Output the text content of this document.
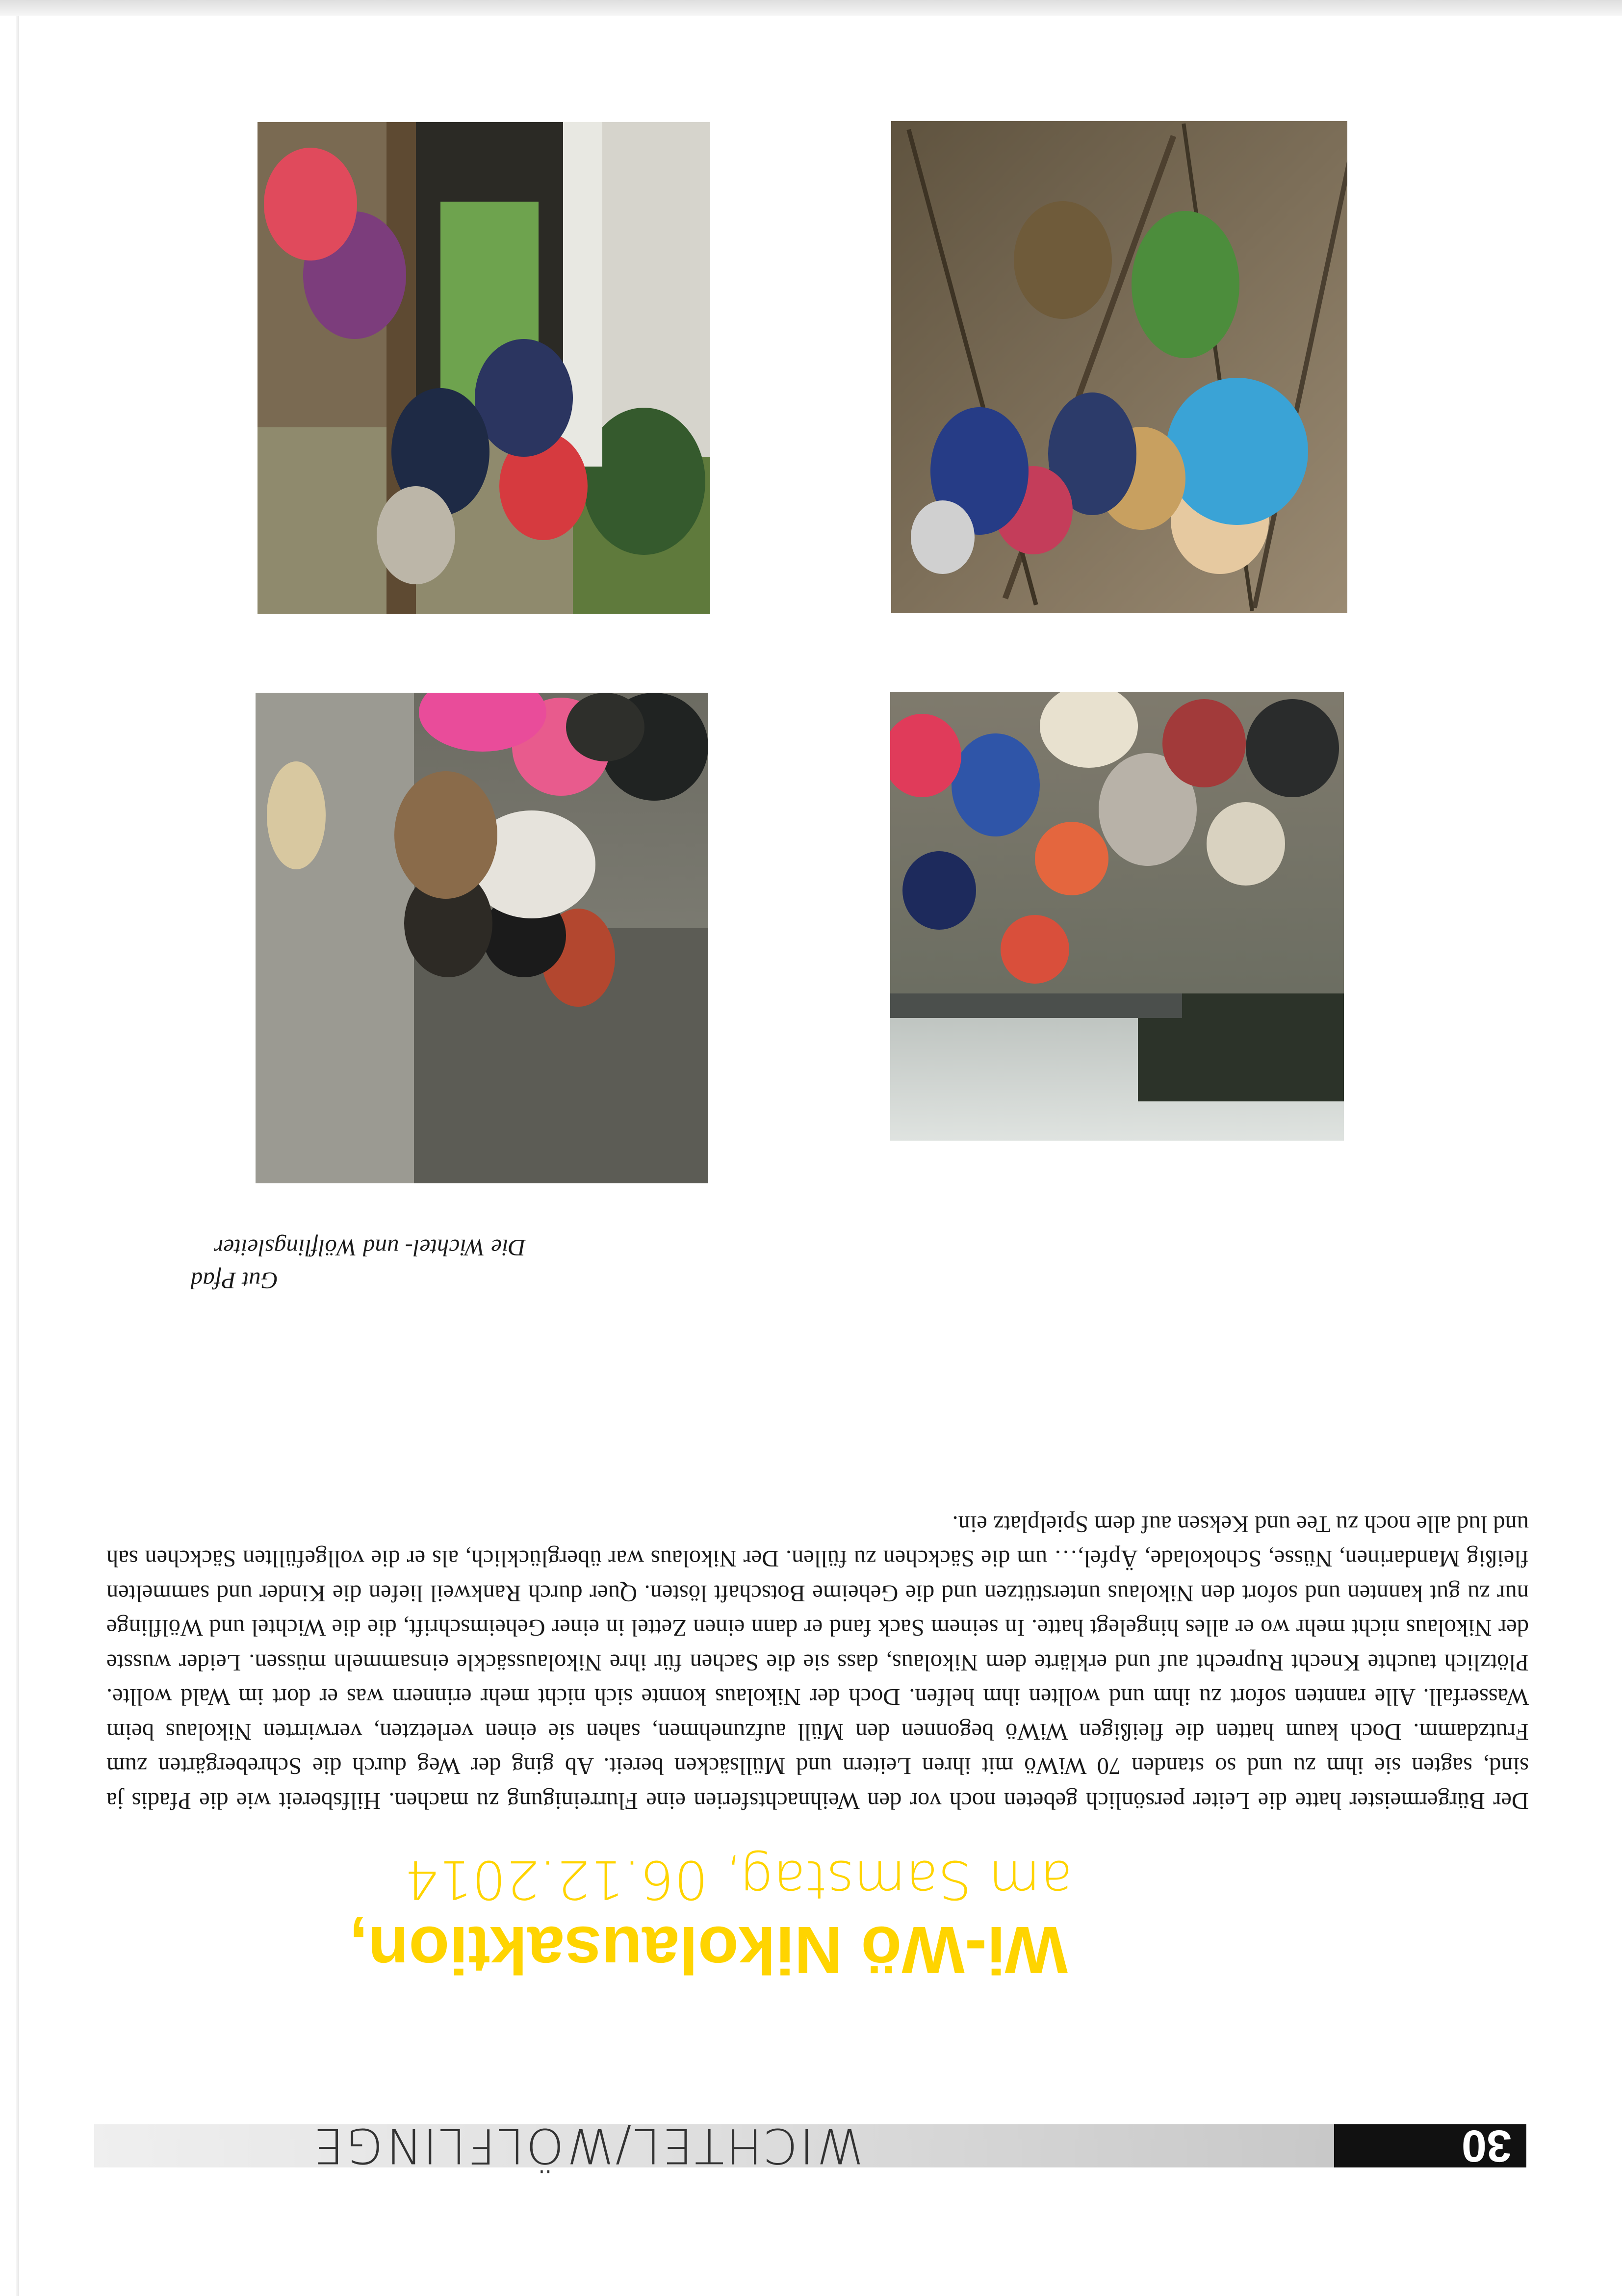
30
WICHTEL/WÖLFLINGE
Wi-Wö Nikolausaktion,
am Samstag, 06.12.2014

Der Bürgermeister hatte die Leiter persönlich gebeten noch vor den Weihnachtsferien eine Flurreinigung zu machen. Hilfsbereit wie die Pfadis ja sind, sagten sie ihm zu und so standen 70 WiWö mit ihren Leitern und Müllsäcken bereit. Ab ging der Weg durch die Schrebergärten zum Frutzdamm. Doch kaum hatten die fleißigen WiWö begonnen den Müll aufzunehmen, sahen sie einen verletzten, verwirrten Nikolaus beim Wasserfall. Alle rannten sofort zu ihm und wollten ihm helfen. Doch der Nikolaus konnte sich nicht mehr erinnern was er dort im Wald wollte. Plötzlich tauchte Knecht Ruprecht auf und erklärte dem Nikolaus, dass sie die Sachen für ihre Nikolaussäckle einsammeln müssen. Leider wusste der Nikolaus nicht mehr wo er alles hingelegt hatte. In seinem Sack fand er dann einen Zettel in einer Geheimschrift, die die Wichtel und Wölflinge nur zu gut kannten und sofort den Nikolaus unterstützen und die Geheime Botschaft lösten. Quer durch Rankweil liefen die Kinder und sammelten fleißig Mandarinen, Nüsse, Schokolade, Äpfel,… um die Säckchen zu füllen. Der Nikolaus war überglücklich, als er die vollgefüllten Säckchen sah und lud alle noch zu Tee und Keksen auf dem Spielplatz ein.

Gut Pfad
Die Wichtel- und Wölflingsleiter
